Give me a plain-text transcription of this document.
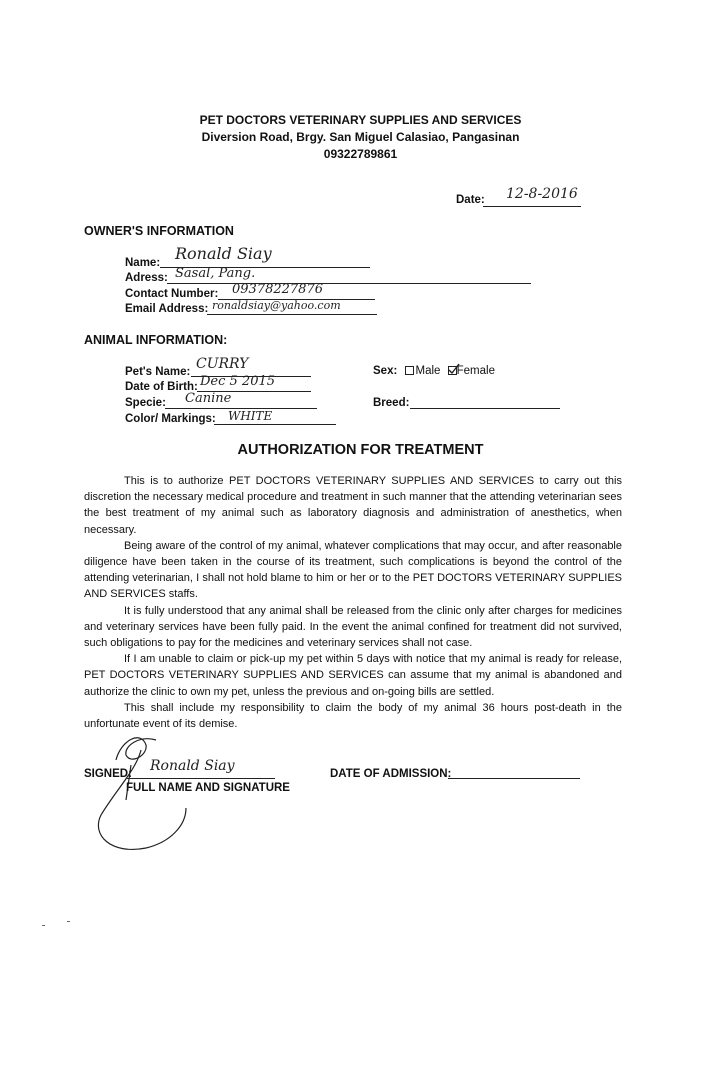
PET DOCTORS VETERINARY SUPPLIES AND SERVICES
Diversion Road, Brgy. San Miguel Calasiao, Pangasinan
09322789861
Date: 12-8-2016
OWNER'S INFORMATION
Name: Ronald Siay
Adress: Sasal, Pang.
Contact Number: 09378227876
Email Address: ronaldsiay@yahoo.com
ANIMAL INFORMATION:
Pet's Name: CURRY
Date of Birth: Dec 5 2015
Specie: Canine
Color/ Markings: WHITE
Sex: Male Female
Breed:
AUTHORIZATION FOR TREATMENT

This is to authorize PET DOCTORS VETERINARY SUPPLIES AND SERVICES to carry out this discretion the necessary medical procedure and treatment in such manner that the attending veterinarian sees the best treatment of my animal such as laboratory diagnosis and administration of anesthetics, when necessary.

Being aware of the control of my animal, whatever complications that may occur, and after reasonable diligence have been taken in the course of its treatment, such complications is beyond the control of the attending veterinarian, I shall not hold blame to him or her or to the PET DOCTORS VETERINARY SUPPLIES AND SERVICES staffs.

It is fully understood that any animal shall be released from the clinic only after charges for medicines and veterinary services have been fully paid. In the event the animal confined for treatment did not survived, such obligations to pay for the medicines and veterinary services shall not case.

If I am unable to claim or pick-up my pet within 5 days with notice that my animal is ready for release, PET DOCTORS VETERINARY SUPPLIES AND SERVICES can assume that my animal is abandoned and authorize the clinic to own my pet, unless the previous and on-going bills are settled.

This shall include my responsibility to claim the body of my animal 36 hours post-death in the unfortunate event of its demise.

SIGNED: Ronald Siay
FULL NAME AND SIGNATURE
DATE OF ADMISSION:
